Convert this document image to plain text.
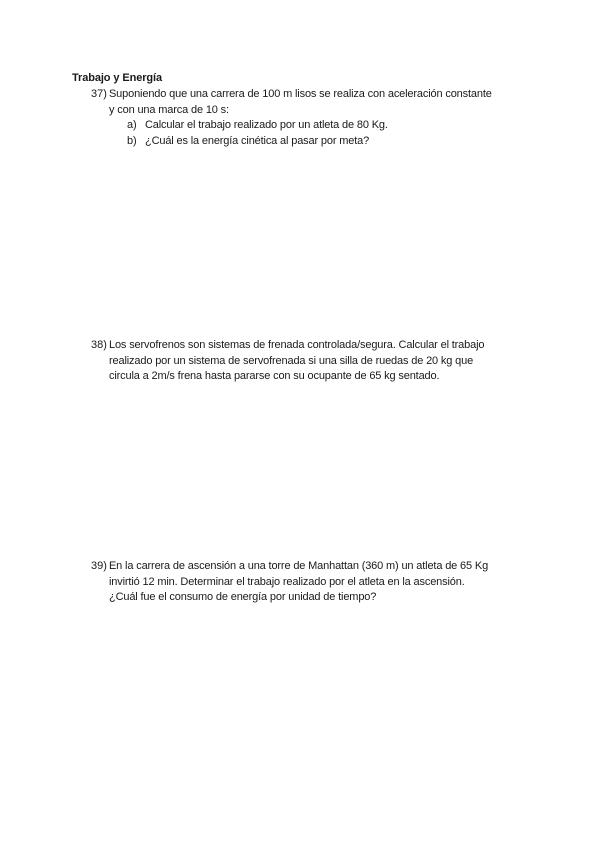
Trabajo y Energía
37) Suponiendo que una carrera de 100 m lisos se realiza con aceleración constante
y con una marca de 10 s:
a) Calcular el trabajo realizado por un atleta de 80 Kg.
b) ¿Cuál es la energía cinética al pasar por meta?
38) Los servofrenos son sistemas de frenada controlada/segura. Calcular el trabajo
realizado por un sistema de servofrenada si una silla de ruedas de 20 kg que
circula a 2m/s frena hasta pararse con su ocupante de 65 kg sentado.
39) En la carrera de ascensión a una torre de Manhattan (360 m) un atleta de 65 Kg
invirtió 12 min. Determinar el trabajo realizado por el atleta en la ascensión.
¿Cuál fue el consumo de energía por unidad de tiempo?
